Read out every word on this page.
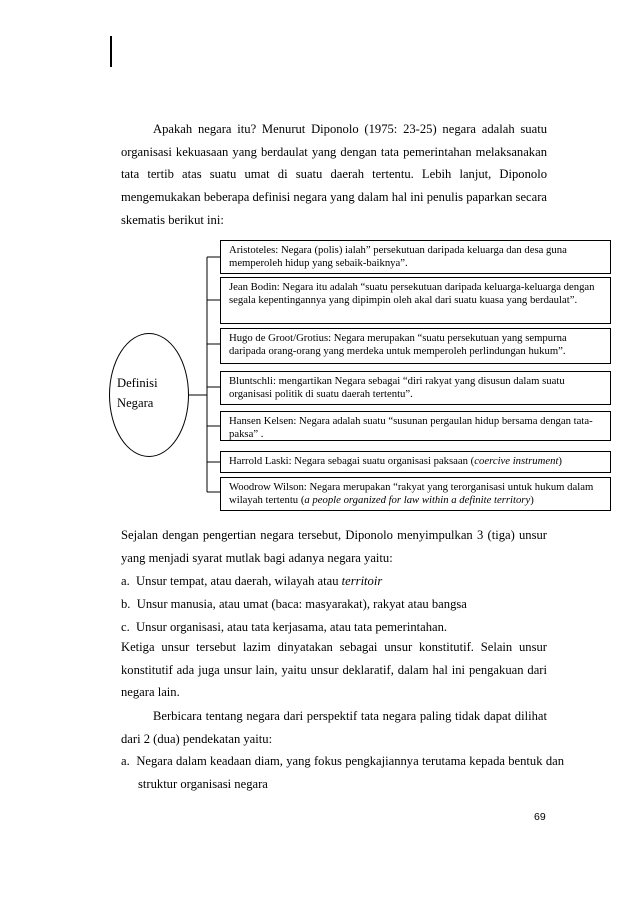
Apakah negara itu? Menurut Diponolo (1975: 23-25) negara adalah suatu organisasi kekuasaan yang berdaulat yang dengan tata pemerintahan melaksanakan tata tertib atas suatu umat di suatu daerah tertentu. Lebih lanjut, Diponolo mengemukakan beberapa definisi negara yang dalam hal ini penulis paparkan secara skematis berikut ini:

Definisi
Negara
Aristoteles: Negara (polis) ialah” persekutuan daripada keluarga dan desa guna memperoleh hidup yang sebaik-baiknya”.
Jean Bodin: Negara itu adalah “suatu persekutuan daripada keluarga-keluarga dengan segala kepentingannya yang dipimpin oleh akal dari suatu kuasa yang berdaulat”.
Hugo de Groot/Grotius: Negara merupakan “suatu persekutuan yang sempurna daripada orang-orang yang merdeka untuk memperoleh perlindungan hukum”.
Bluntschli: mengartikan Negara sebagai “diri rakyat yang disusun dalam suatu organisasi politik di suatu daerah tertentu”.
Hansen Kelsen: Negara adalah suatu “susunan pergaulan hidup bersama dengan tata-paksa” .
Harrold Laski: Negara sebagai suatu organisasi paksaan (coercive instrument)
Woodrow Wilson: Negara merupakan “rakyat yang terorganisasi untuk hukum dalam wilayah tertentu (a people organized for law within a definite territory)

Sejalan dengan pengertian negara tersebut, Diponolo menyimpulkan 3 (tiga) unsur yang menjadi syarat mutlak bagi adanya negara yaitu:

a. Unsur tempat, atau daerah, wilayah atau territoir

b. Unsur manusia, atau umat (baca: masyarakat), rakyat atau bangsa

c. Unsur organisasi, atau tata kerjasama, atau tata pemerintahan.

Ketiga unsur tersebut lazim dinyatakan sebagai unsur konstitutif. Selain unsur konstitutif ada juga unsur lain, yaitu unsur deklaratif, dalam hal ini pengakuan dari negara lain.

Berbicara tentang negara dari perspektif tata negara paling tidak dapat dilihat dari 2 (dua) pendekatan yaitu:

a. Negara dalam keadaan diam, yang fokus pengkajiannya terutama kepada bentuk dan struktur organisasi negara

69
